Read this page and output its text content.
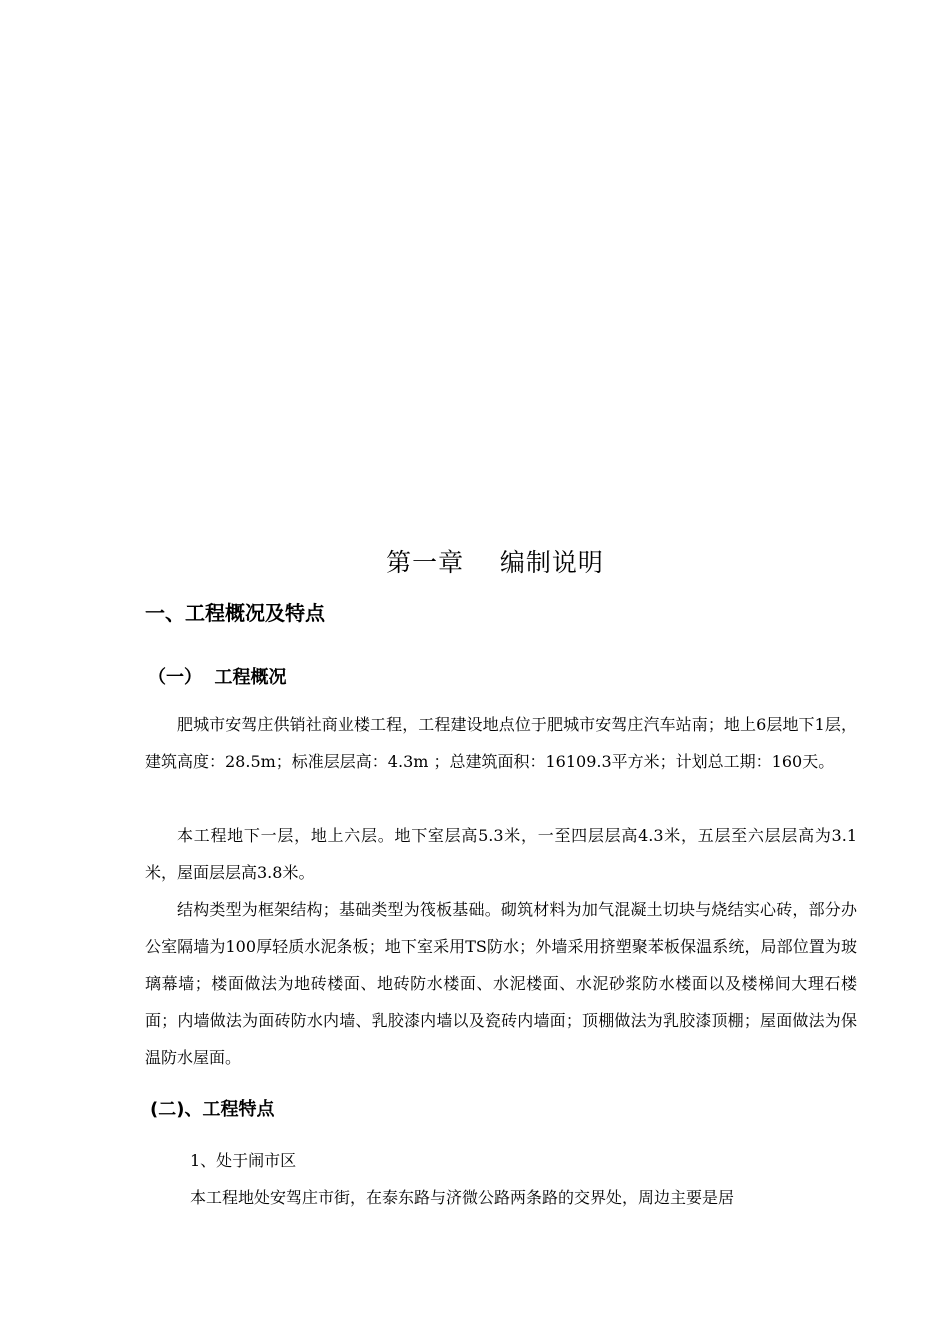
第一章    编制说明
一、工程概况及特点
（一）  工程概况

肥城市安驾庄供销社商业楼工程，工程建设地点位于肥城市安驾庄汽车站南；地上6层地下1层，建筑高度：28.5m；标准层层高：4.3m ；总建筑面积：16109.3平方米；计划总工期：160天。

本工程地下一层，地上六层。地下室层高5.3米，一至四层层高4.3米，五层至六层层高为3.1米，屋面层层高3.8米。

结构类型为框架结构；基础类型为筏板基础。砌筑材料为加气混凝土切块与烧结实心砖，部分办公室隔墙为100厚轻质水泥条板；地下室采用TS防水；外墙采用挤塑聚苯板保温系统，局部位置为玻璃幕墙；楼面做法为地砖楼面、地砖防水楼面、水泥楼面、水泥砂浆防水楼面以及楼梯间大理石楼面；内墙做法为面砖防水内墙、乳胶漆内墙以及瓷砖内墙面；顶棚做法为乳胶漆顶棚；屋面做法为保温防水屋面。

(二)、工程特点
1、处于闹市区
本工程地处安驾庄市街，在泰东路与济微公路两条路的交界处，周边主要是居
